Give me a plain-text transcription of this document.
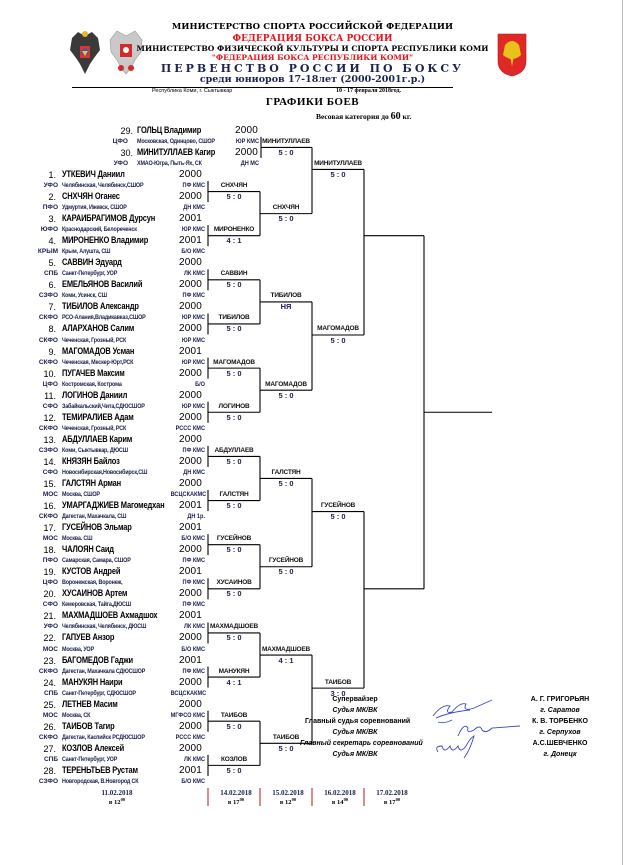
МИНИСТЕРСТВО СПОРТА РОССИЙСКОЙ ФЕДЕРАЦИИ
ФЕДЕРАЦИЯ БОКСА РОССИИ
МИНИСТЕРСТВО ФИЗИЧЕСКОЙ КУЛЬТУРЫ И СПОРТА РЕСПУБЛИКИ КОМИ
"ФЕДЕРАЦИЯ БОКСА РЕСПУБЛИКИ КОМИ"
ПЕРВЕНСТВО РОССИИ ПО БОКСУ
среди юниоров 17-18лет (2000-2001г.р.)
Республика Коми, г. Сыктывкар	10 - 17 февраля 2018год.
ГРАФИКИ БОЕВ
Весовая категория до 60 кг.
1. УТКЕВИЧ Даниил	2000
УФО Челябинская, Челябинск,СШОР	ПФ КМС
2. СНХЧЯН Оганес	2000
ПФО Удмуртия, Ижевск, СШОР	ДН КМС
3. КАРАИБРАГИМОВ Дурсун 2001
ЮФО Краснодарский, Белореченск	ЮР КМС
4. МИРОНЕНКО Владимир	2001
КРЫМ Крым, Алушта, СШ	Б/О КМС
5. САВВИН Эдуард	2000
СПБ Санкт-Петербург, УОР	ЛК КМС
6. ЕМЕЛЬЯНОВ Василий	2000
СЗФО Коми, Усинск, СШ	ПФ КМС
7. ТИБИЛОВ Александр	2000
СКФО РСО-Алания,Владикавказ,СШОР	ЮР КМС
8. АЛАРХАНОВ Салим	2000
СКФО Чеченская, Грозный, РСК	ЮР КМС
9. МАГОМАДОВ Усман	2001
СКФО Чеченская, Мескер-Юрт,РСК	ЮР КМС
10. ПУГАЧЕВ Максим	2000
ЦФО Костромская, Кострома	Б/О
11. ЛОГИНОВ Даниил	2000
СФО Забайкальский,Чита,СДЮСШОР	ЮР КМС
12. ТЕМИРАЛИЕВ Адам	2000
СКФО Чеченская, Грозный, РСК	РССС КМС
13. АБДУЛЛАЕВ Карим	2000
СЗФО Коми, Сыктывкар, ДЮСШ	ПФ КМС
14. КНЯЗЯН Байлоз	2000
СФО Новосибирская,Новосибирск,СШ	ДН КМС
15. ГАЛСТЯН Арман	2000
МОС Москва, СШОР	ВСЦСКАКМС
16. УМАРГАДЖИЕВ Магомедхан 2001
СКФО Дагестан, Махачкала, СШ	ДН 1р.
17. ГУСЕЙНОВ Эльмар	2001
МОС Москва. СШ	Б/О КМС
18. ЧАЛОЯН Саид	2000
ПФО Самарская, Самара, СШОР	ПФ КМС
19. КУСТОВ Андрей	2001
ЦФО Воронежская, Воронеж,	ПФ КМС
20. ХУСАИНОВ Артем	2000
СФО Кемеровская, Тайга,ДЮСШ	ПФ КМС
21. МАХМАДШОЕВ Ахмадшох 2001
УФО Челябинская, Челябинск, ДЮСШ	ЛК КМС
22. ГАПУЕВ Анзор	2000
МОС Москва, УОР	Б/О КМС
23. БАГОМЕДОВ Гаджи	2001
СКФО Дагестан, Махачкала СДЮСШОР	ПФ КМС
24. МАНУКЯН Наири	2000
СПБ Санкт-Петербург, СДЮСШОР	ВСЦСКАКМС
25. ЛЕТНЕВ Масим	2000
МОС Москва, СК	МГФСО КМС
26. ТАИБОВ Тагир	2000
СКФО Дагестан, Каспийск РСДЮСШОР	РССС КМС
27. КОЗЛОВ Алексей	2000
СПБ Санкт-Петербург, УОР	ЛК КМС
28. ТЕРЕНЬТЬЕВ Рустам	2001
СЗФО Новгородская, В.Новгород СК	Б/О КМС
29. ГОЛЬЦ Владимир	2000
ЦФО Московская, Одинцово, СШОР	ЮР КМС
30. МИНИТУЛЛАЕВ Кагир 2000
УФО ХМАО-Югра, Пыть-Ях, СК	ДН МС
МИНИТУЛЛАЕВ
5 : 0
СНХЧЯН
5 : 0
МИРОНЕНКО
4 : 1
САВВИН
5 : 0
ТИБИЛОВ
5 : 0
МАГОМАДОВ
5 : 0
ЛОГИНОВ
5 : 0
АБДУЛЛАЕВ
5 : 0
ГАЛСТЯН
5 : 0
ГУСЕЙНОВ
5 : 0
ХУСАИНОВ
5 : 0
МАХМАДШОЕВ
5 : 0
МАНУКЯН
4 : 1
ТАИБОВ
5 : 0
КОЗЛОВ
5 : 0
СНХЧЯН
5 : 0
ТИБИЛОВ
НЯ
МАГОМАДОВ
5 : 0
ГАЛСТЯН
5 : 0
ГУСЕЙНОВ
5 : 0
МАХМАДШОЕВ
4 : 1
ТАИБОВ
5 : 0
МИНИТУЛЛАЕВ
5 : 0
МАГОМАДОВ
5 : 0
ГУСЕЙНОВ
5 : 0
ТАИБОВ
3 : 0
Супервайзер
Судья МК/ВК
Главный судья соревнований
Судья МК/ВК
Главный секретарь соревнований
Судья МК/ВК
А. Г. ГРИГОРЬЯН
г. Саратов
К. В. ТОРБЕНКО
г. Серпухов
А.С.ШЕВЧЕНКО
г. Донецк
11.02.2018
в $12^{00}$
14.02.2018
в $17^{00}$
15.02.2018
в $12^{00}$
16.02.2018
в $14^{00}$
17.02.2018
в $17^{00}$
